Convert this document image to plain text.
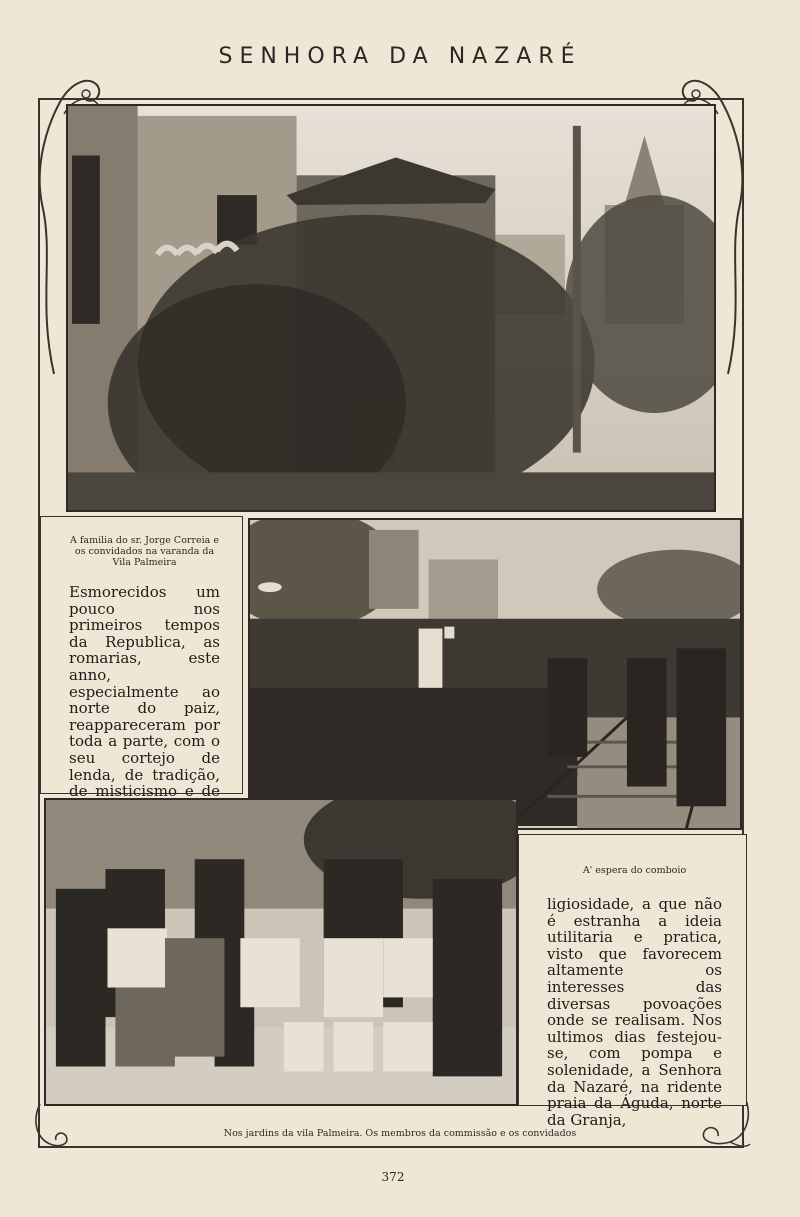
SENHORA DA NAZARÉ

A familia do sr. Jorge Correia e os convidados na varanda da Vila Palmeira

Esmorecidos um pouco nos primeiros tempos da Republica, as romarias, este anno, especialmente ao norte do paiz, reappareceram por toda a parte, com o seu cortejo de lenda, de tradição, de misticismo e de

A' espera do comboio

ligiosidade, a que não é estranha a ideia utilitaria e pratica, visto que favorecem altamente os interesses das diversas povoações onde se realisam. Nos ultimos dias festejou-se, com pompa e solenidade, a Senhora da Nazaré, na ridente praia da Águda, norte da Granja,

Nos jardins da vila Palmeira. Os membros da commissão e os convidados
372
